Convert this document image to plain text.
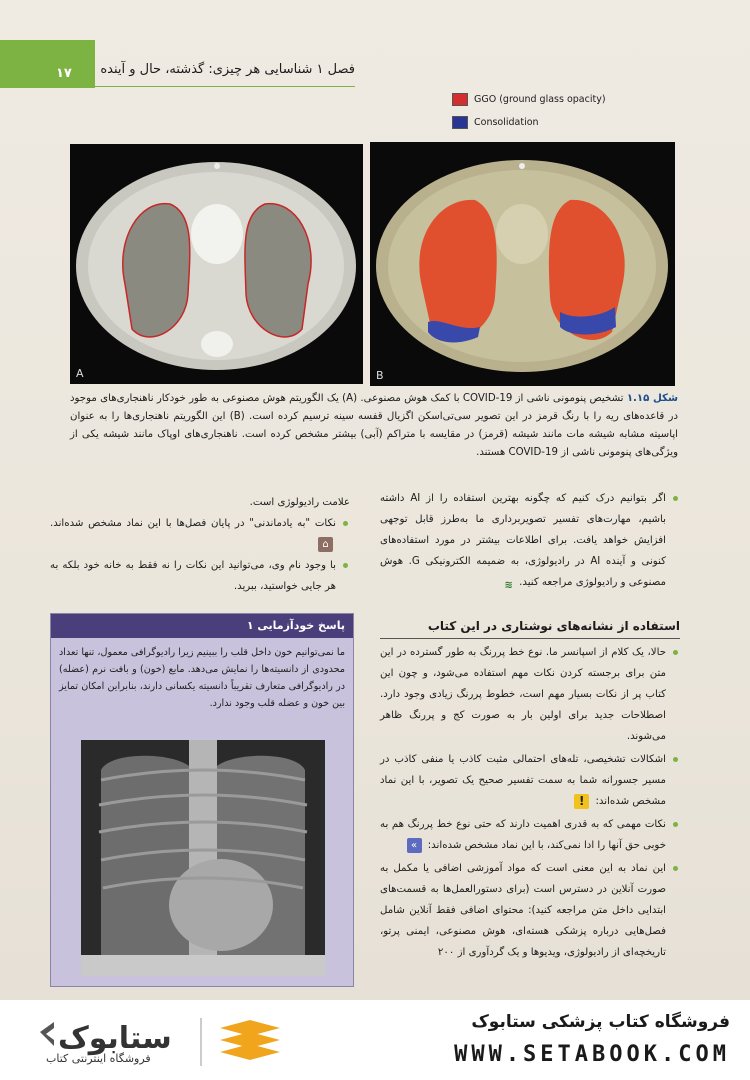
۱۷ فصل ۱ شناسایی هر چیزی: گذشته، حال و آینده
GGO (ground glass opacity)
Consolidation
A	B
شکل ۱.۱۵ تشخیص پنومونی ناشی از COVID-19 با کمک هوش مصنوعی. (A) یک الگوریتم هوش مصنوعی به طور خودکار ناهنجاری‌های موجود در قاعده‌های ریه را با رنگ قرمز در این تصویر سی‌تی‌اسکن اگزیال قفسه سینه ترسیم کرده است. (B) این الگوریتم ناهنجاری‌ها را به عنوان اپاسیته مشابه شیشه مات مانند شیشه (قرمز) در مقایسه با متراکم (آبی) بیشتر مشخص کرده است. ناهنجاری‌های اوپاک مانند شیشه یکی از ویژگی‌های پنومونی ناشی از COVID-19 هستند.

اگر بتوانیم درک کنیم که چگونه بهترین استفاده را از AI داشته باشیم، مهارت‌های تفسیر تصویربرداری ما به‌طرز قابل توجهی افزایش خواهد یافت. برای اطلاعات بیشتر در مورد استفاده‌های کنونی و آینده AI در رادیولوژی، به ضمیمه الکترونیکی G. هوش مصنوعی و رادیولوژی مراجعه کنید. ≋

استفاده از نشانه‌های نوشتاری در این کتاب

حالا، یک کلام از اسپانسر ما. نوع خط پررنگ به طور گسترده در این متن برای برجسته کردن نکات مهم استفاده می‌شود، و چون این کتاب پر از نکات بسیار مهم است، خطوط پررنگ زیادی وجود دارد. اصطلاحات جدید برای اولین بار به صورت کج و پررنگ ظاهر می‌شوند.

اشکالات تشخیصی، تله‌های احتمالی مثبت کاذب یا منفی کاذب در مسیر جسورانه شما به سمت تفسیر صحیح یک تصویر، با این نماد مشخص شده‌اند: !

نکات مهمی که به قدری اهمیت دارند که حتی نوع خط پررنگ هم به خوبی حق آنها را ادا نمی‌کند، با این نماد مشخص شده‌اند: »

این نماد به این معنی است که مواد آموزشی اضافی یا مکمل به صورت آنلاین در دسترس است (برای دستورالعمل‌ها به قسمت‌های ابتدایی داخل متن مراجعه کنید): محتوای اضافی فقط آنلاین شامل فصل‌هایی درباره پزشکی هسته‌ای، هوش مصنوعی، ایمنی پرتو، تاریخچه‌ای از رادیولوژی، ویدیوها و یک گردآوری از ۲۰۰

علامت رادیولوژی است.

نکات "به یادماندنی" در پایان فصل‌ها با این نماد مشخص شده‌اند. ⌂

با وجود نام وی، می‌توانید این نکات را نه فقط به خانه خود بلکه به هر جایی خواستید، ببرید.

پاسخ خودآزمایی ۱
ما نمی‌توانیم خون داخل قلب را ببینیم زیرا رادیوگرافی معمول، تنها تعداد محدودی از دانسیته‌ها را نمایش می‌دهد. مایع (خون) و بافت نرم (عضله) در رادیوگرافی متعارف تقریباً دانسیته یکسانی دارند، بنابراین امکان تمایز بین خون و عضله قلب وجود ندارد.
ستابوک
فروشگاه اینترنتی کتاب
فروشگاه کتاب پزشکی ستابوک
WWW.SETABOOK.COM
